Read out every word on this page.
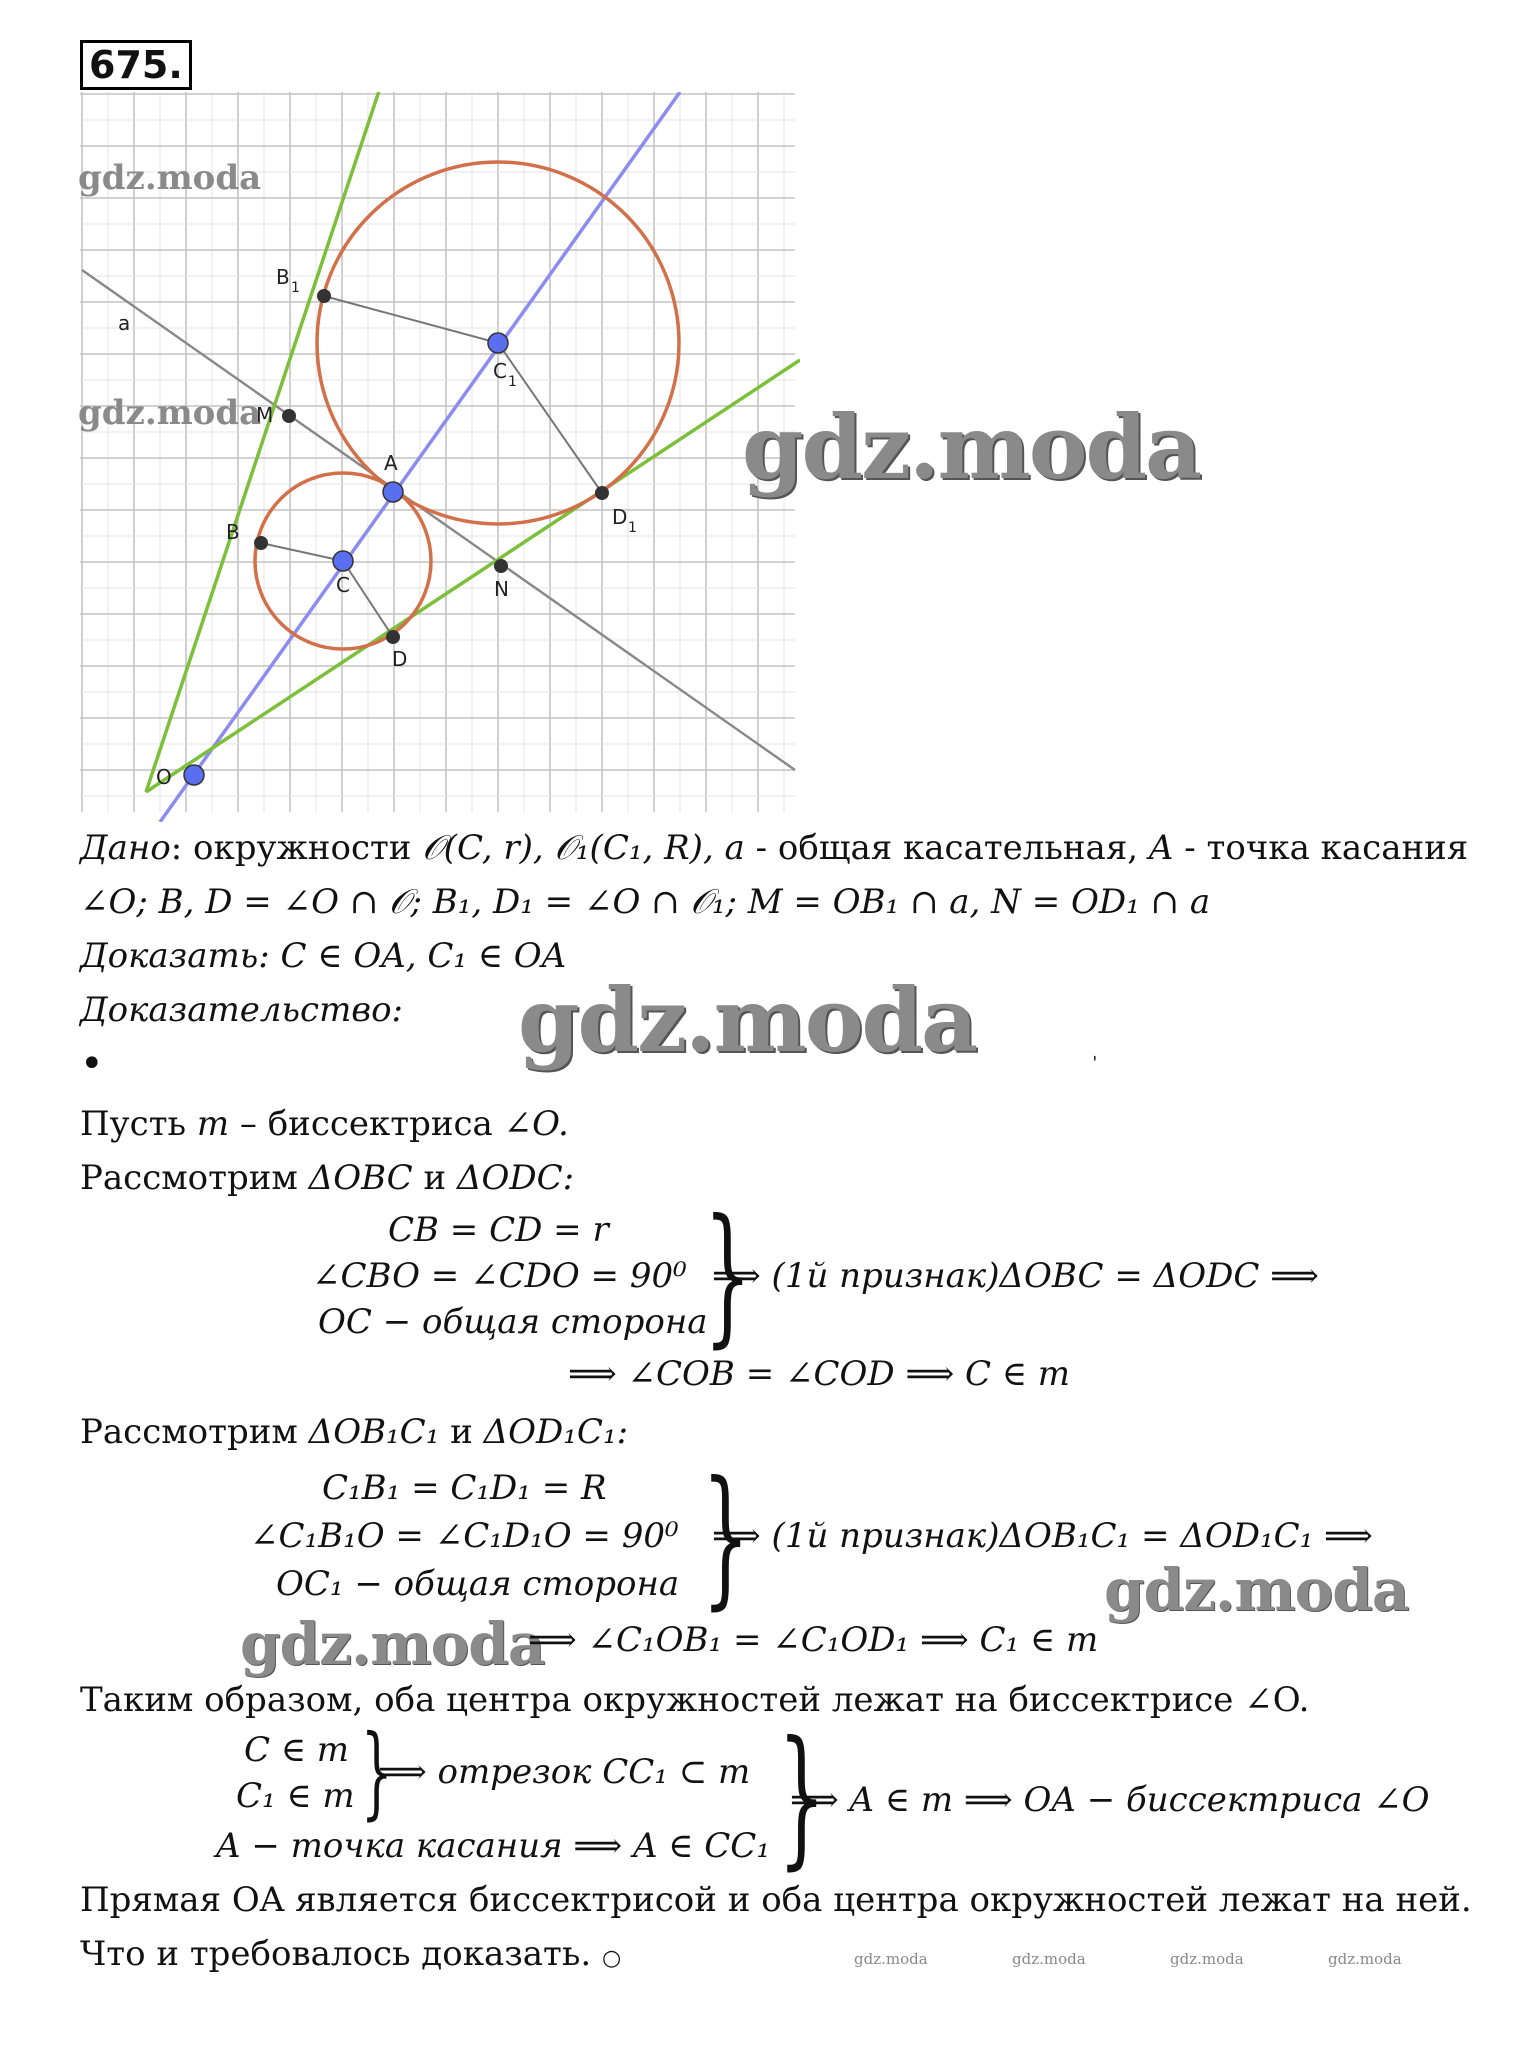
675.
O
A
B
C
D
B 1
C 1
D 1
M
N
a
gdz.moda
gdz.moda	gdz.moda
Дано: окружности 𝒪(C, r), 𝒪₁(C₁, R), a - общая касательная, A - точка касания
∠O; B, D = ∠O ∩ 𝒪; B₁, D₁ = ∠O ∩ 𝒪₁; M = OB₁ ∩ a, N = OD₁ ∩ a
Доказать: C ∈ OA, C₁ ∈ OA
Доказательство: gdz.moda
•	ˈ
Пусть m – биссектриса ∠O.
Рассмотрим ΔOBC и ΔODC:
CB = CD = r
∠CBO = ∠CDO = 90⁰
OC − общая сторона
}
⟹ (1й признак)ΔOBC = ΔODC ⟹
⟹ ∠COB = ∠COD ⟹ C ∈ m
Рассмотрим ΔOB₁C₁ и ΔOD₁C₁:
C₁B₁ = C₁D₁ = R
∠C₁B₁O = ∠C₁D₁O = 90⁰
OC₁ − общая сторона }
⟹ (1й признак)ΔOB₁C₁ = ΔOD₁C₁ ⟹
gdz.moda
gdz.moda
⟹ ∠C₁OB₁ = ∠C₁OD₁ ⟹ C₁ ∈ m
Таким образом, оба центра окружностей лежат на биссектрисе ∠O.
C ∈ m
C₁ ∈ m }
⟹ отрезок CC₁ ⊂ m
A − точка касания ⟹ A ∈ CC₁ }
⟹ A ∈ m ⟹ OA − биссектриса ∠O
Прямая OA является биссектрисой и оба центра окружностей лежат на ней.
Что и требовалось доказать. ○	gdz.moda	gdz.moda	gdz.moda	gdz.moda
